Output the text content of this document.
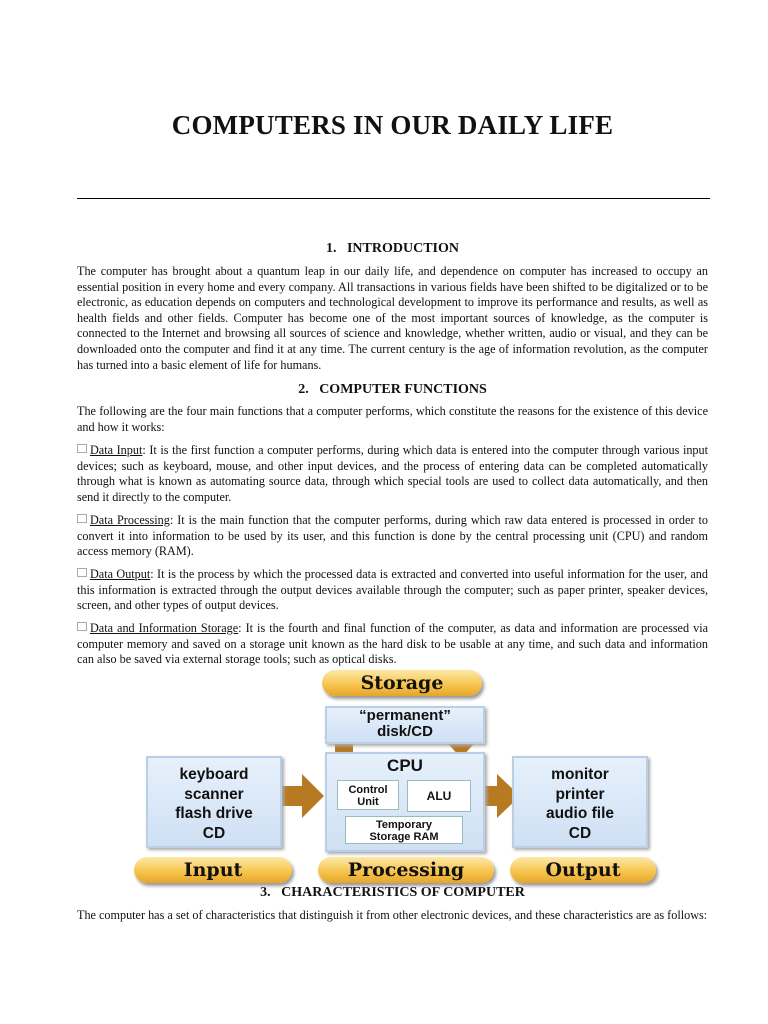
COMPUTERS IN OUR DAILY LIFE
1. INTRODUCTION

The computer has brought about a quantum leap in our daily life, and dependence on computer has increased to occupy an essential position in every home and every company. All transactions in various fields have been shifted to be digitalized or to be electronic, as education depends on computers and technological development to improve its performance and results, as well as health fields and other fields. Computer has become one of the most important sources of knowledge, as the computer is connected to the Internet and browsing all sources of science and knowledge, whether written, audio or visual, and they can be downloaded onto the computer and find it at any time. The current century is the age of information revolution, as the computer has turned into a basic element of life for humans.

2. COMPUTER FUNCTIONS

The following are the four main functions that a computer performs, which constitute the reasons for the existence of this device and how it works:

Data Input: It is the first function a computer performs, during which data is entered into the computer through various input devices; such as keyboard, mouse, and other input devices, and the process of entering data can be completed automatically through what is known as automating source data, through which special tools are used to collect data automatically, and then send it directly to the computer.

Data Processing: It is the main function that the computer performs, during which raw data entered is processed in order to convert it into information to be used by its user, and this function is done by the central processing unit (CPU) and random access memory (RAM).

Data Output: It is the process by which the processed data is extracted and converted into useful information for the user, and this information is extracted through the output devices available through the computer; such as paper printer, speaker devices, screen, and other types of output devices.

Data and Information Storage: It is the fourth and final function of the computer, as data and information are processed via computer memory and saved on a storage unit known as the hard disk to be usable at any time, and such data and information can also be saved via external storage tools; such as optical disks.

3. CHARACTERISTICS OF COMPUTER

The computer has a set of characteristics that distinguish it from other electronic devices, and these characteristics are as follows:

Storage
“permanent”
disk/CD
CPU
Control
Unit	ALU
Temporary
Storage RAM
keyboard
scanner
flash drive
CD
monitor
printer
audio file
CD
Input	Processing	Output
